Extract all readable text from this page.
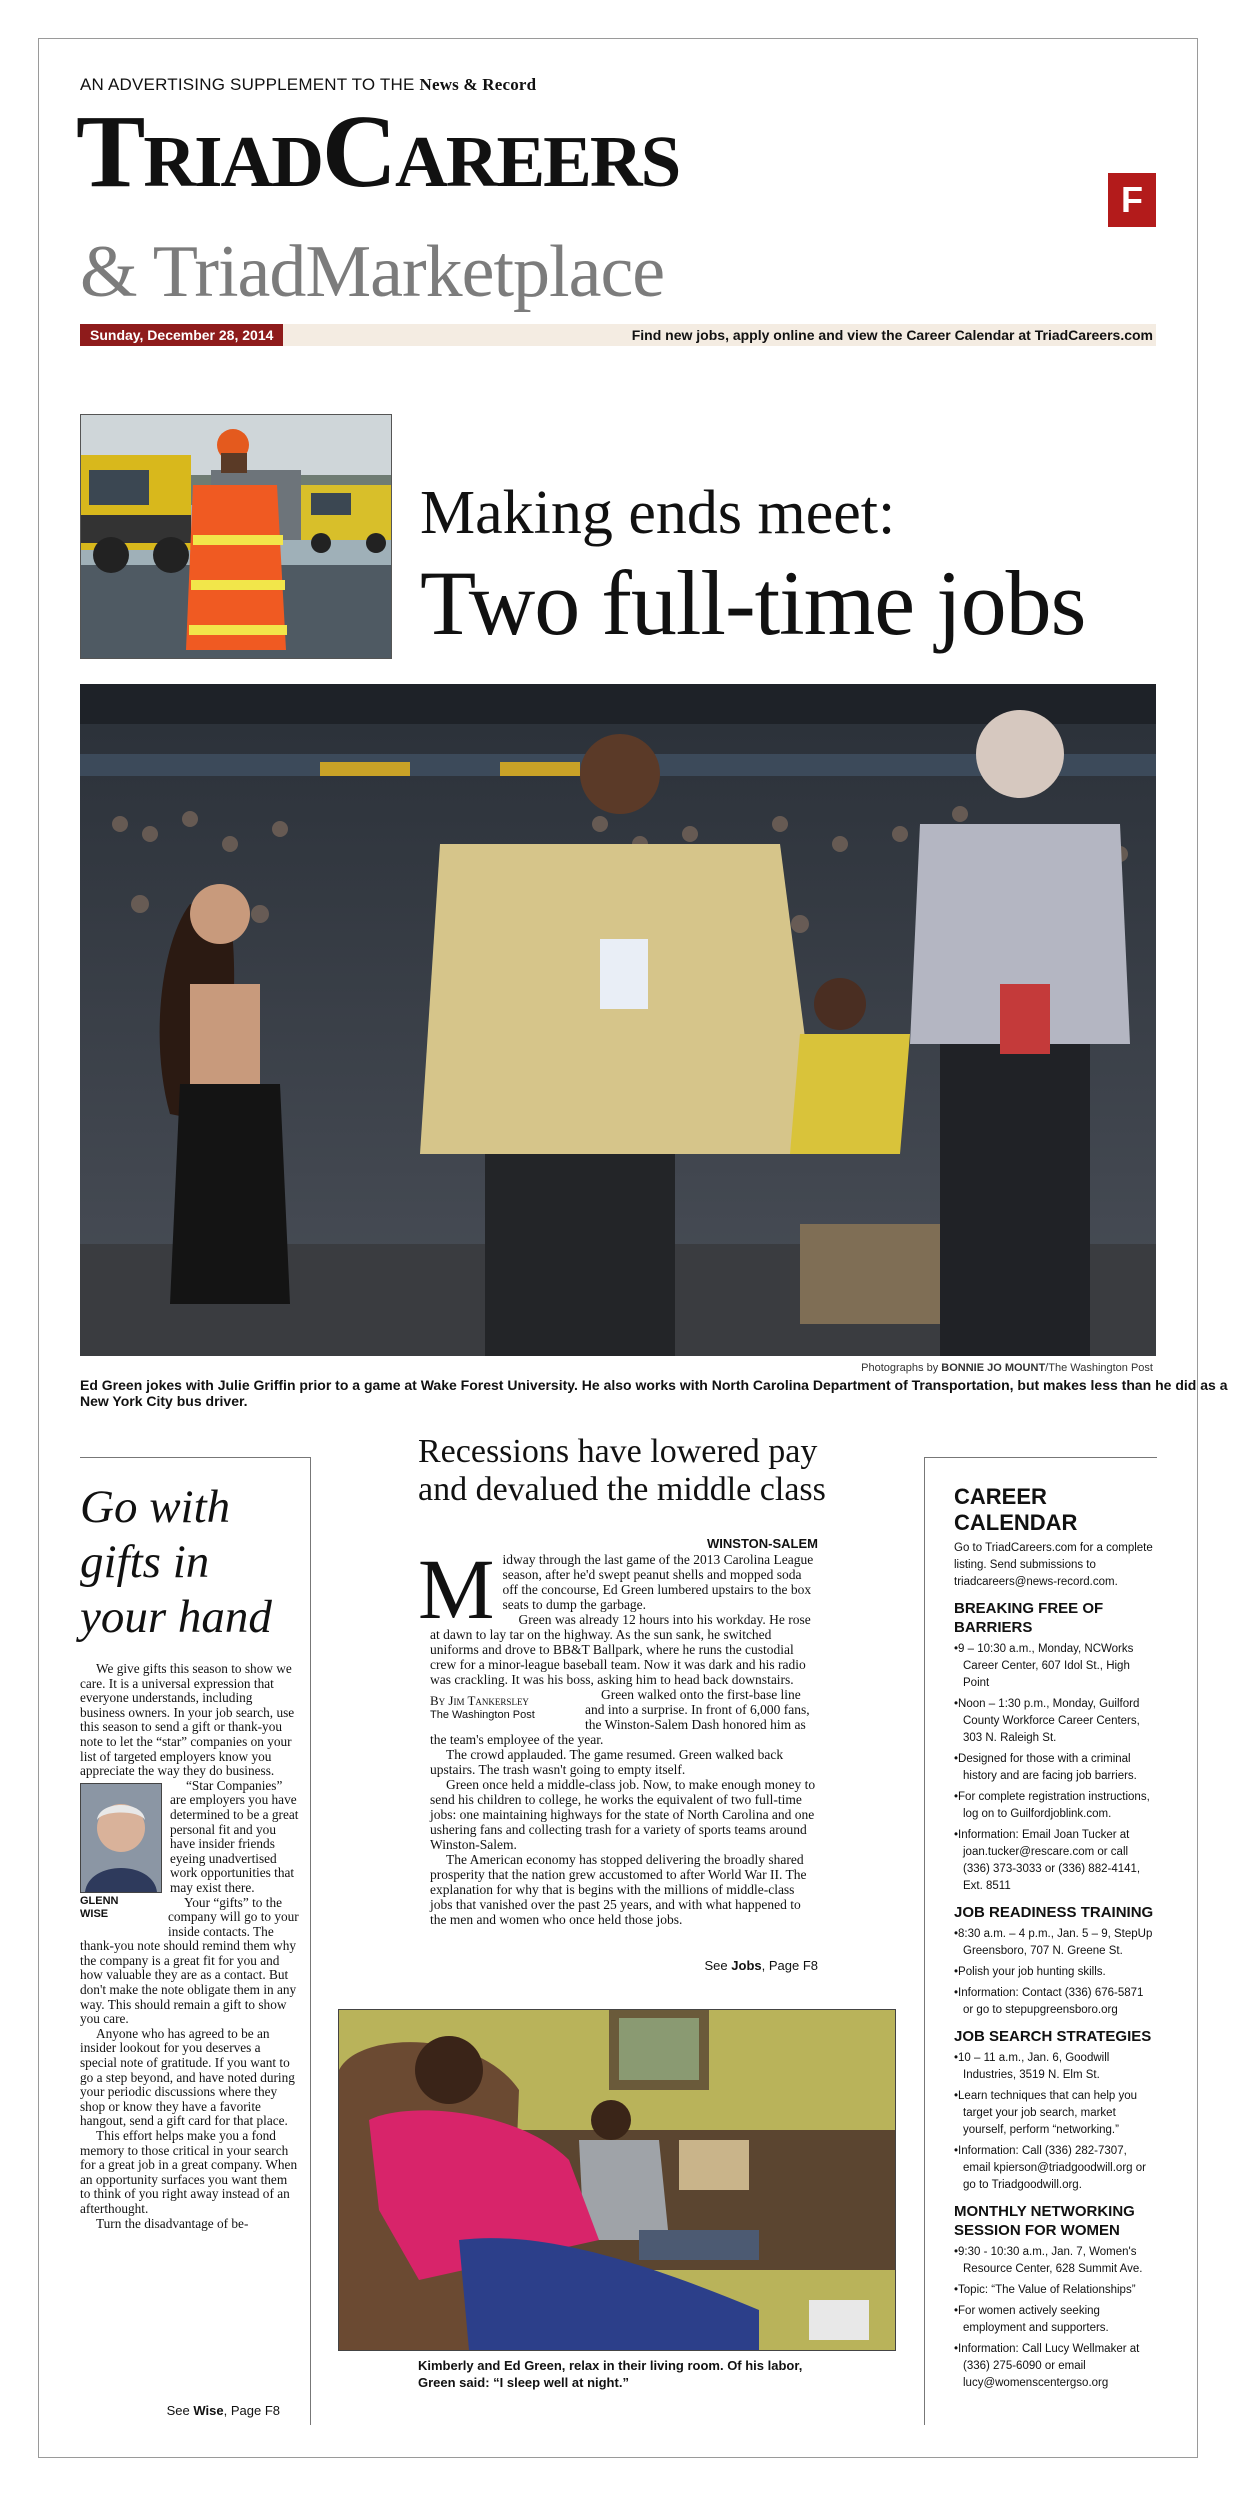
AN ADVERTISING SUPPLEMENT TO THE News & Record
TriadCareers
& TriadMarketplace
F
Sunday, December 28, 2014	Find new jobs, apply online and view the Career Calendar at TriadCareers.com
Making ends meet:
Two full-time jobs
Photographs by BONNIE JO MOUNT/The Washington Post
Ed Green jokes with Julie Griffin prior to a game at Wake Forest University. He also works with North Carolina Department of Transportation, but makes less than he did as a New York City bus driver.
Go with gifts in your hand

We give gifts this season to show we care. It is a universal expression that everyone understands, including business owners. In your job search, use this season to send a gift or thank-you note to let the “star” companies on your list of targeted employers know you appreciate the way they do business.

GLENN
WISE

“Star Companies” are employers you have determined to be a great personal fit and you have insider friends eyeing unadvertised work opportunities that may exist there.

Your “gifts” to the company will go to your inside contacts. The thank-you note should remind them why the company is a great fit for you and how valuable they are as a contact. But don't make the note obligate them in any way. This should remain a gift to show you care.

Anyone who has agreed to be an insider lookout for you deserves a special note of gratitude. If you want to go a step beyond, and have noted during your periodic discussions where they shop or know they have a favorite hangout, send a gift card for that place.

This effort helps make you a fond memory to those critical in your search for a great job in a great company. When an opportunity surfaces you want them to think of you right away instead of an afterthought.

Turn the disadvantage of be-

See Wise, Page F8
Recessions have lowered pay and devalued the middle class
WINSTON-SALEM

Midway through the last game of the 2013 Carolina League season, after he'd swept peanut shells and mopped soda off the concourse, Ed Green lumbered upstairs to the box seats to dump the garbage.

Green was already 12 hours into his workday. He rose at dawn to lay tar on the highway. As the sun sank, he switched uniforms and drove to BB&T Ballpark, where he runs the custodial crew for a minor-league baseball team. Now it was dark and his radio was crackling. It was his boss, asking him to head back downstairs.

By Jim Tankersley
The Washington Post

Green walked onto the first-base line and into a surprise. In front of 6,000 fans, the Winston-Salem Dash honored him as the team's employee of the year.

The crowd applauded. The game resumed. Green walked back upstairs. The trash wasn't going to empty itself.

Green once held a middle-class job. Now, to make enough money to send his children to college, he works the equivalent of two full-time jobs: one maintaining highways for the state of North Carolina and one ushering fans and collecting trash for a variety of sports teams around Winston-Salem.

The American economy has stopped delivering the broadly shared prosperity that the nation grew accustomed to after World War II. The explanation for why that is begins with the millions of middle-class jobs that vanished over the past 25 years, and with what happened to the men and women who once held those jobs.

See Jobs, Page F8
Kimberly and Ed Green, relax in their living room. Of his labor, Green said: “I sleep well at night.”
CAREER CALENDAR
Go to TriadCareers.com for a complete listing. Send submissions to triadcareers@news-record.com.
BREAKING FREE OF BARRIERS
• 9 – 10:30 a.m., Monday, NCWorks Career Center, 607 Idol St., High Point
• Noon – 1:30 p.m., Monday, Guilford County Workforce Career Centers, 303 N. Raleigh St.
• Designed for those with a criminal history and are facing job barriers.
• For complete registration instructions, log on to Guilfordjoblink.com.
• Information: Email Joan Tucker at joan.tucker@rescare.com or call (336) 373-3033 or (336) 882-4141, Ext. 8511
JOB READINESS TRAINING
• 8:30 a.m. – 4 p.m., Jan. 5 – 9, StepUp Greensboro, 707 N. Greene St.
• Polish your job hunting skills.
• Information: Contact (336) 676-5871 or go to stepupgreensboro.org
JOB SEARCH STRATEGIES
• 10 – 11 a.m., Jan. 6, Goodwill Industries, 3519 N. Elm St.
• Learn techniques that can help you target your job search, market yourself, perform “networking.”
• Information: Call (336) 282-7307, email kpierson@triadgoodwill.org or go to Triadgoodwill.org.
MONTHLY NETWORKING SESSION FOR WOMEN
• 9:30 - 10:30 a.m., Jan. 7, Women's Resource Center, 628 Summit Ave.
• Topic: “The Value of Relationships”
• For women actively seeking employment and supporters.
• Information: Call Lucy Wellmaker at (336) 275-6090 or email lucy@womenscentergso.org
